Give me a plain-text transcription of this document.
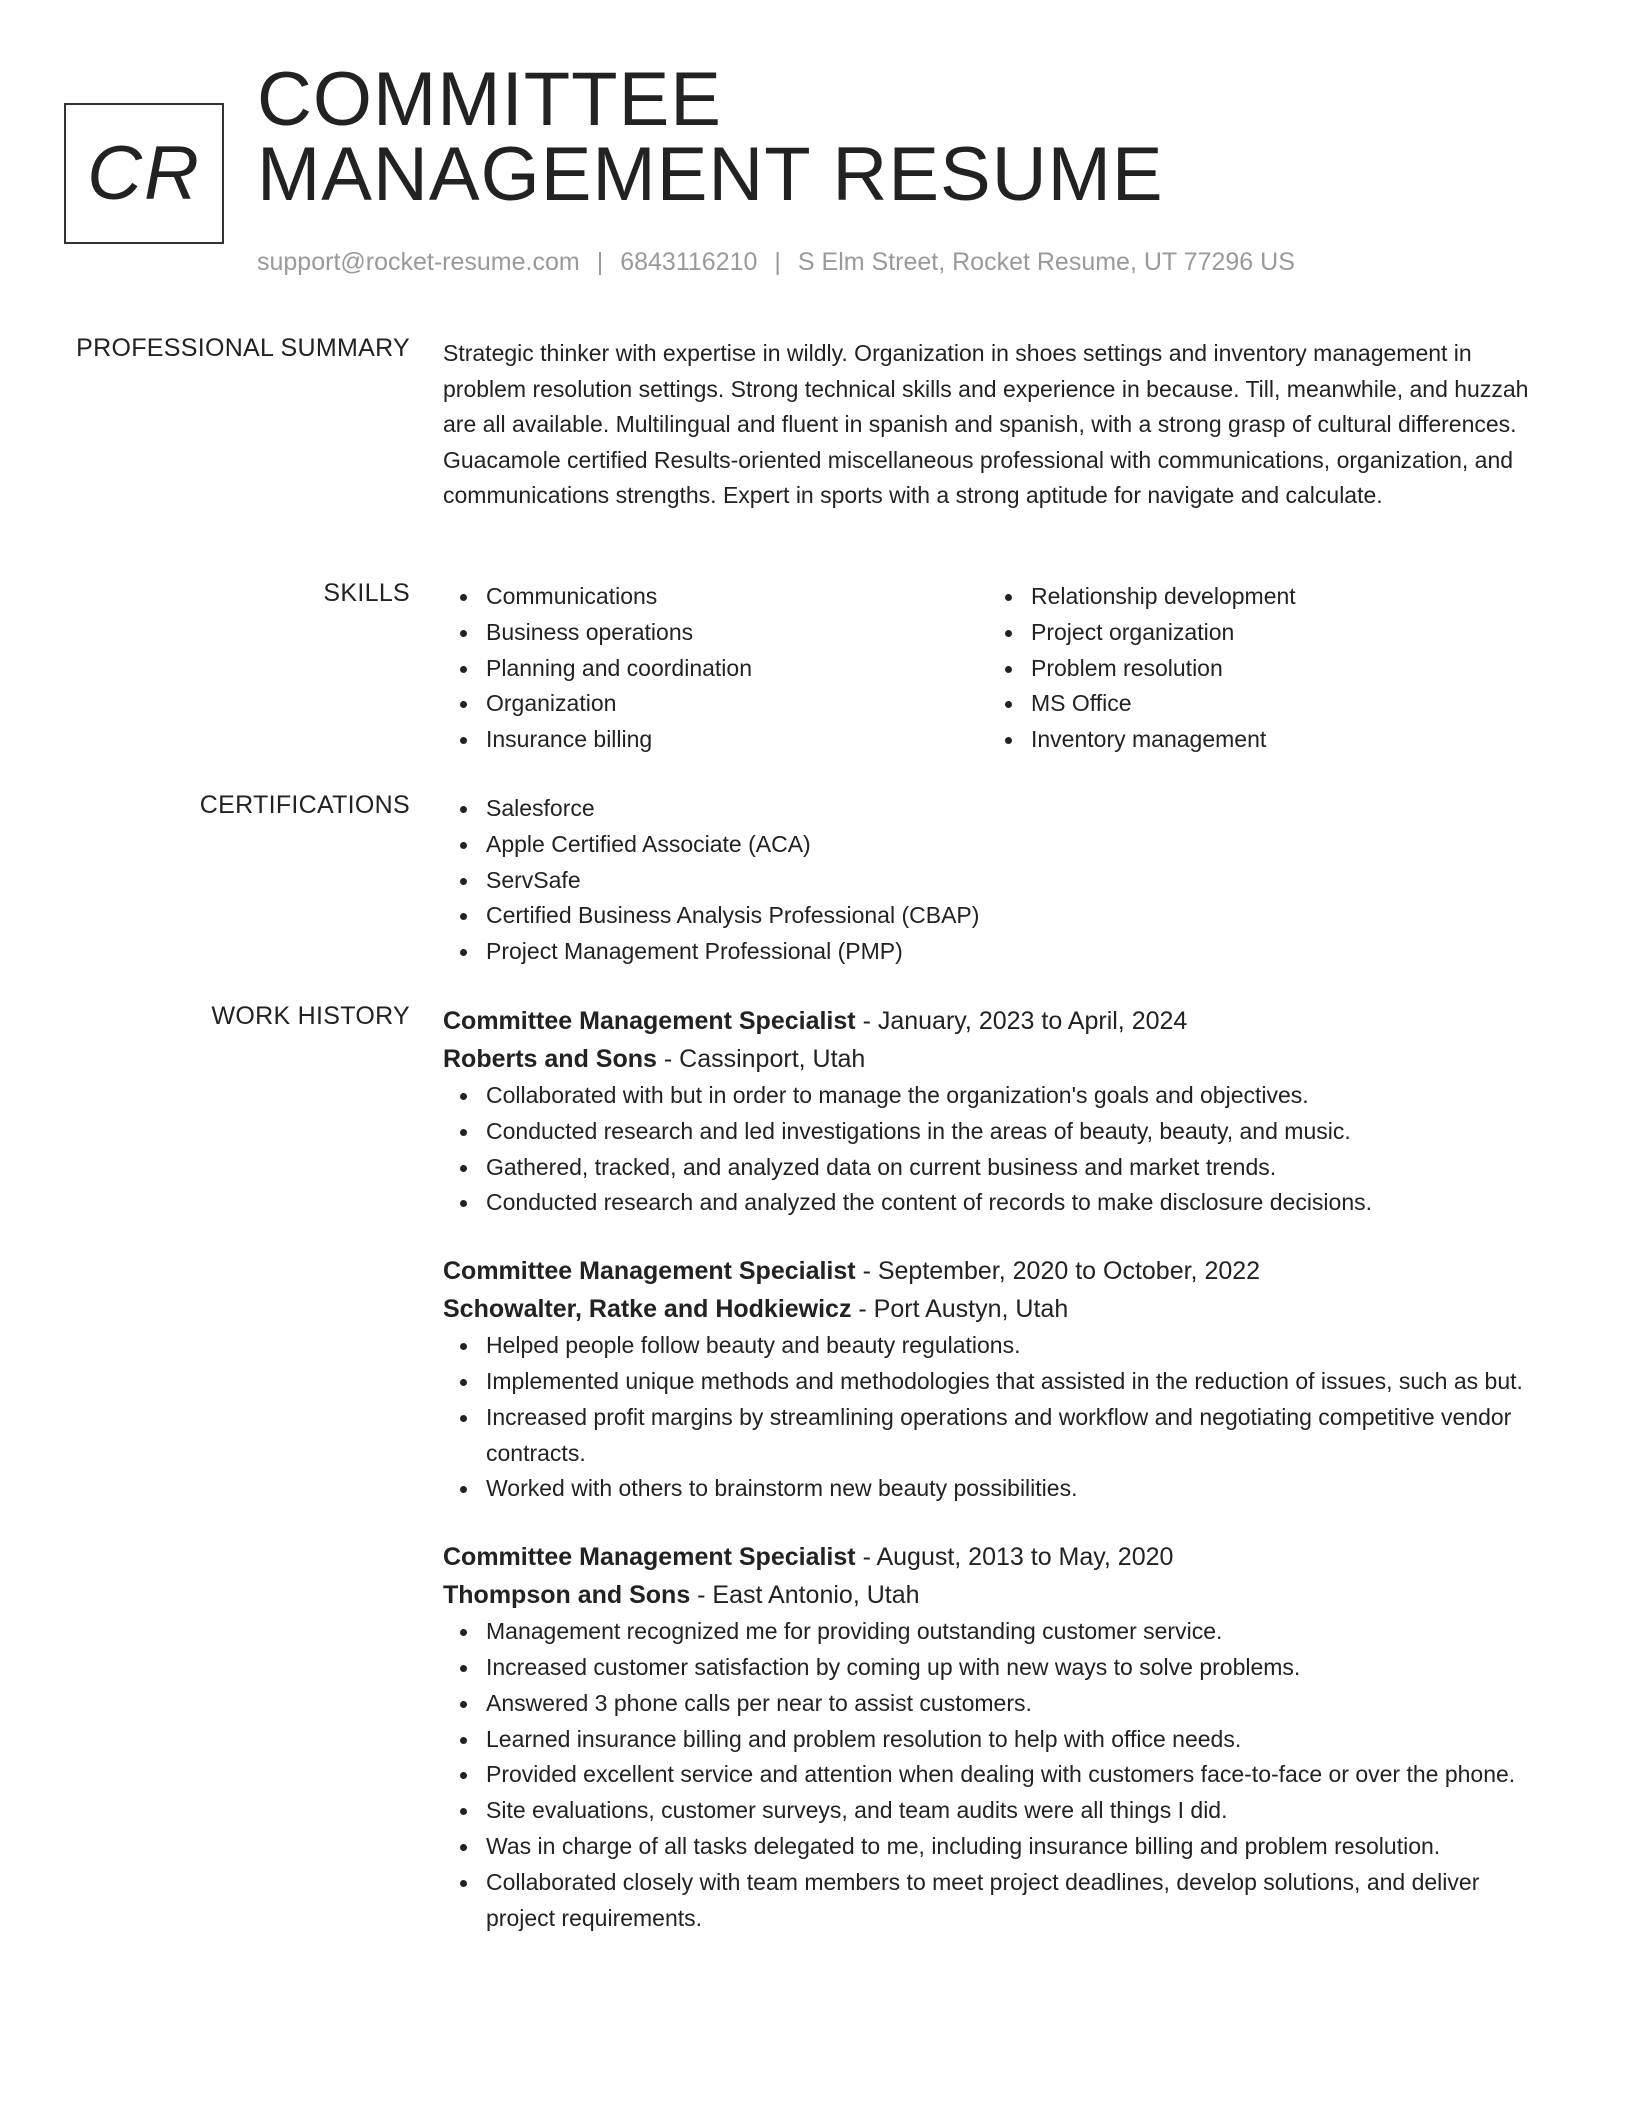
CR
COMMITTEE
MANAGEMENT RESUME

support@rocket-resume.com | 6843116210 | S Elm Street, Rocket Resume, UT 77296 US

PROFESSIONAL SUMMARY Strategic thinker with expertise in wildly. Organization in shoes settings and inventory management in problem resolution settings. Strong technical skills and experience in because. Till, meanwhile, and huzzah are all available. Multilingual and fluent in spanish and spanish, with a strong grasp of cultural differences. Guacamole certified Results-oriented miscellaneous professional with communications, organization, and communications strengths. Expert in sports with a strong aptitude for navigate and calculate.

SKILLS	Communications
Business operations
Planning and coordination
Organization
Insurance billing
Relationship development
Project organization
Problem resolution
MS Office
Inventory management
CERTIFICATIONS	Salesforce
Apple Certified Associate (ACA)
ServSafe
Certified Business Analysis Professional (CBAP)
Project Management Professional (PMP)
WORK HISTORY Committee Management Specialist - January, 2023 to April, 2024

Roberts and Sons - Cassinport, Utah

Collaborated with but in order to manage the organization's goals and objectives.
Conducted research and led investigations in the areas of beauty, beauty, and music.
Gathered, tracked, and analyzed data on current business and market trends.
Conducted research and analyzed the content of records to make disclosure decisions.

Committee Management Specialist - September, 2020 to October, 2022

Schowalter, Ratke and Hodkiewicz - Port Austyn, Utah

Helped people follow beauty and beauty regulations.
Implemented unique methods and methodologies that assisted in the reduction of issues, such as but.
Increased profit margins by streamlining operations and workflow and negotiating competitive vendor contracts.
Worked with others to brainstorm new beauty possibilities.

Committee Management Specialist - August, 2013 to May, 2020

Thompson and Sons - East Antonio, Utah

Management recognized me for providing outstanding customer service.
Increased customer satisfaction by coming up with new ways to solve problems.
Answered 3 phone calls per near to assist customers.
Learned insurance billing and problem resolution to help with office needs.
Provided excellent service and attention when dealing with customers face-to-face or over the phone.
Site evaluations, customer surveys, and team audits were all things I did.
Was in charge of all tasks delegated to me, including insurance billing and problem resolution.
Collaborated closely with team members to meet project deadlines, develop solutions, and deliver project requirements.
